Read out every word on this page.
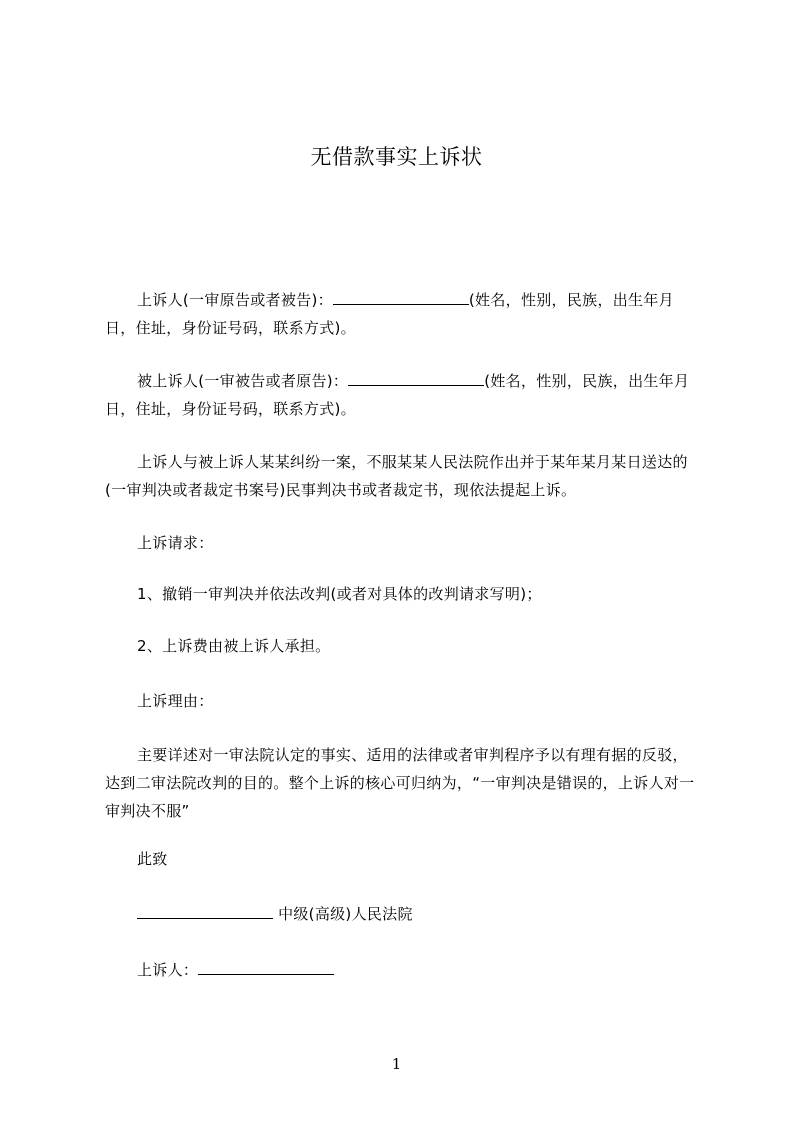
无借款事实上诉状

上诉人(一审原告或者被告)：	(姓名，性别，民族，出生年月日，住址，身份证号码，联系方式)。

被上诉人(一审被告或者原告)：	(姓名，性别，民族，出生年月日，住址，身份证号码，联系方式)。

上诉人与被上诉人某某纠纷一案，不服某某人民法院作出并于某年某月某日送达的(一审判决或者裁定书案号)民事判决书或者裁定书，现依法提起上诉。

上诉请求：
1、撤销一审判决并依法改判(或者对具体的改判请求写明)；
2、上诉费由被上诉人承担。
上诉理由：

主要详述对一审法院认定的事实、适用的法律或者审判程序予以有理有据的反驳，达到二审法院改判的目的。整个上诉的核心可归纳为，“一审判决是错误的，上诉人对一审判决不服”

此致
中级(高级)人民法院
上诉人：
1
